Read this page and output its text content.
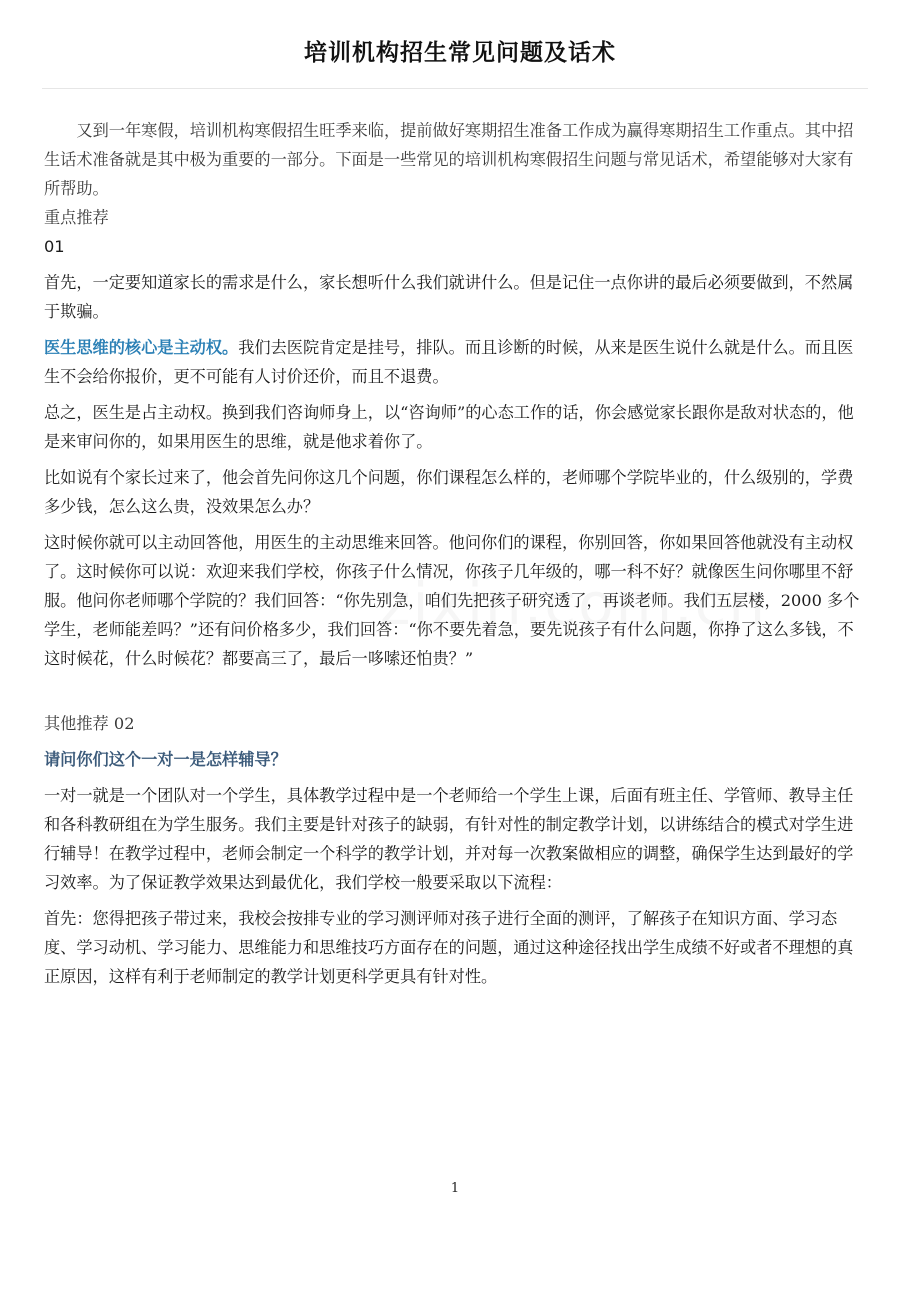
培训机构招生常见问题及话术

又到一年寒假，培训机构寒假招生旺季来临，提前做好寒期招生准备工作成为赢得寒期招生工作重点。其中招生话术准备就是其中极为重要的一部分。下面是一些常见的培训机构寒假招生问题与常见话术，希望能够对大家有所帮助。

重点推荐

01

首先，一定要知道家长的需求是什么，家长想听什么我们就讲什么。但是记住一点你讲的最后必须要做到，不然属于欺骗。

医生思维的核心是主动权。我们去医院肯定是挂号，排队。而且诊断的时候，从来是医生说什么就是什么。而且医生不会给你报价，更不可能有人讨价还价，而且不退费。

总之，医生是占主动权。换到我们咨询师身上，以“咨询师”的心态工作的话，你会感觉家长跟你是敌对状态的，他是来审问你的，如果用医生的思维，就是他求着你了。

比如说有个家长过来了，他会首先问你这几个问题，你们课程怎么样的，老师哪个学院毕业的，什么级别的，学费多少钱，怎么这么贵，没效果怎么办？

这时候你就可以主动回答他，用医生的主动思维来回答。他问你们的课程，你别回答，你如果回答他就没有主动权了。这时候你可以说：欢迎来我们学校，你孩子什么情况，你孩子几年级的，哪一科不好？就像医生问你哪里不舒服。他问你老师哪个学院的？我们回答：“你先别急，咱们先把孩子研究透了，再谈老师。我们五层楼，2000 多个学生，老师能差吗？”还有问价格多少，我们回答：“你不要先着急，要先说孩子有什么问题，你挣了这么多钱，不这时候花，什么时候花？都要高三了，最后一哆嗦还怕贵？”

其他推荐 02

请问你们这个一对一是怎样辅导？

一对一就是一个团队对一个学生，具体教学过程中是一个老师给一个学生上课，后面有班主任、学管师、教导主任和各科教研组在为学生服务。我们主要是针对孩子的缺弱，有针对性的制定教学计划，以讲练结合的模式对学生进行辅导！在教学过程中，老师会制定一个科学的教学计划，并对每一次教案做相应的调整，确保学生达到最好的学习效率。为了保证教学效果达到最优化，我们学校一般要采取以下流程：

首先：您得把孩子带过来，我校会按排专业的学习测评师对孩子进行全面的测评，了解孩子在知识方面、学习态度、学习动机、学习能力、思维能力和思维技巧方面存在的问题，通过这种途径找出学生成绩不好或者不理想的真正原因，这样有利于老师制定的教学计划更科学更具有针对性。

1
